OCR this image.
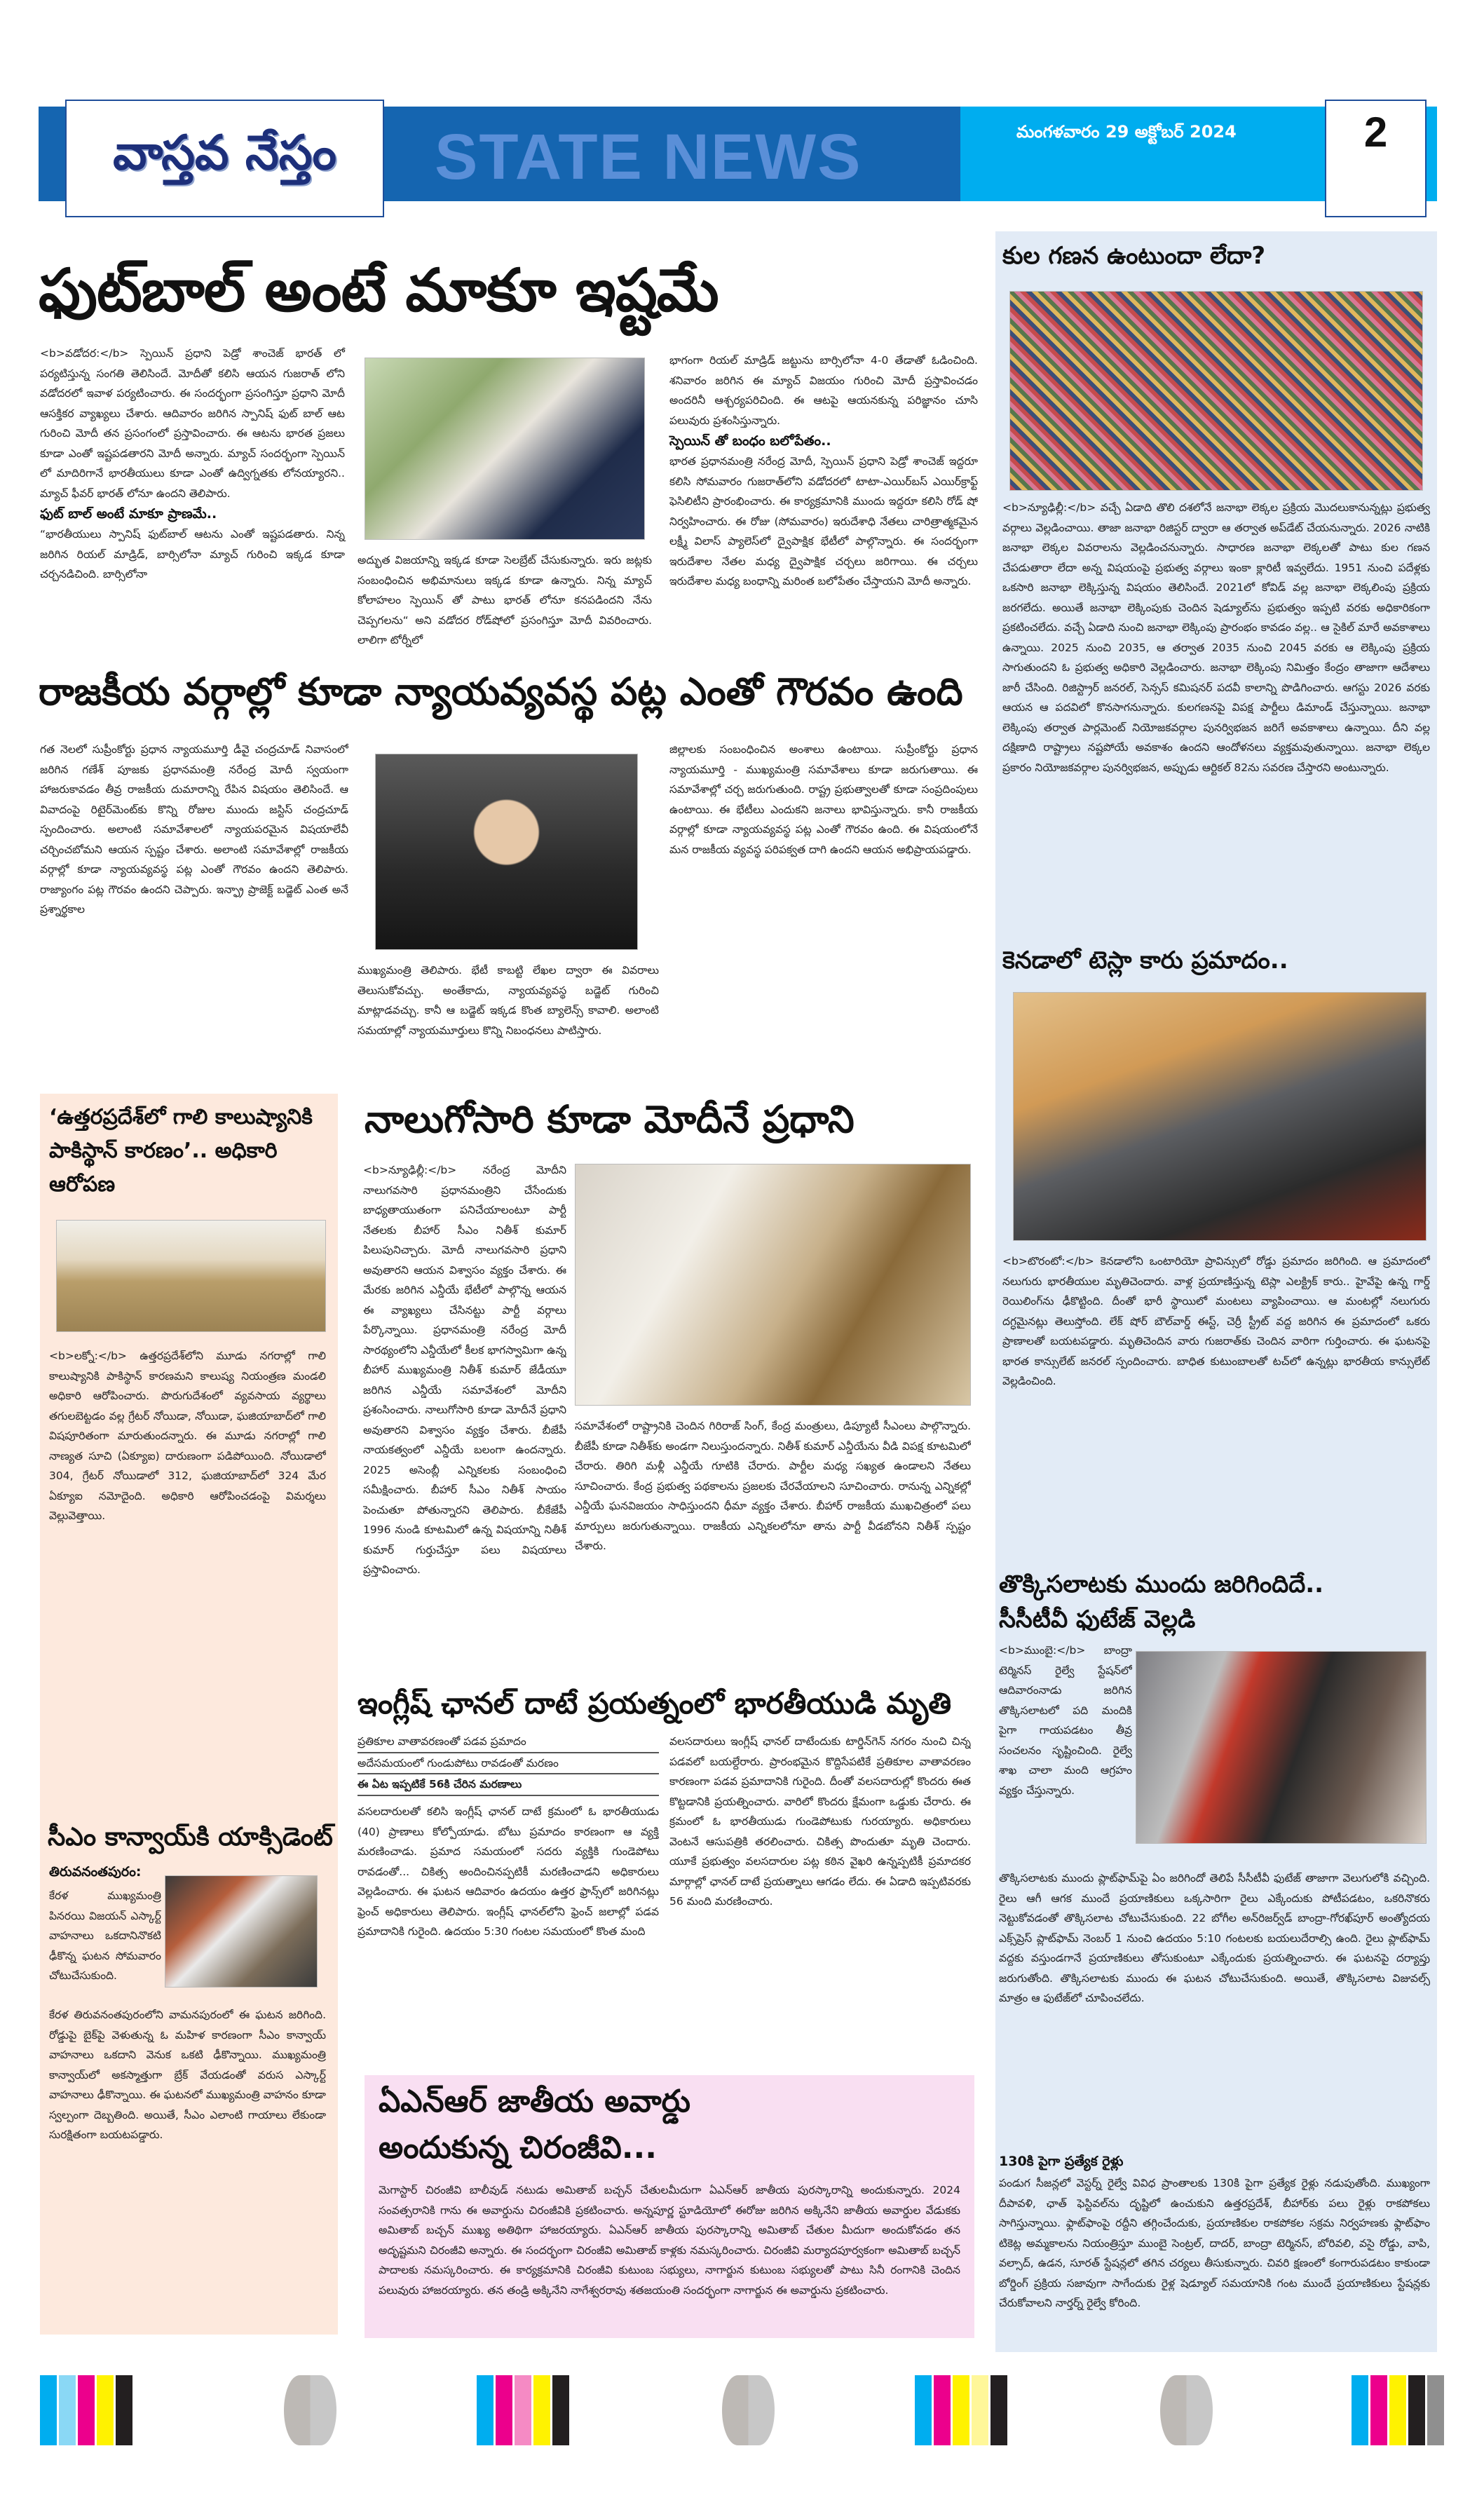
వాస్తవ నేస్తం STATE NEWS	మంగళవారం 29 అక్టోబర్ 2024	2
ఫుట్‌బాల్ అంటే మాకూ ఇష్టమే

<b>వడోదర:</b> స్పెయిన్ ప్రధాని పెడ్రో శాంచెజ్ భారత్ లో పర్యటిస్తున్న సంగతి తెలిసిందే. మోదీతో కలిసి ఆయన గుజరాత్ లోని వడోదరలో ఇవాళ పర్యటించారు. ఈ సందర్భంగా ప్రసంగిస్తూ ప్రధాని మోదీ ఆసక్తికర వ్యాఖ్యలు చేశారు. ఆదివారం జరిగిన స్పానిష్ ఫుట్ బాల్ ఆట గురించి మోదీ తన ప్రసంగంలో ప్రస్తావించారు. ఈ ఆటను భారత ప్రజలు కూడా ఎంతో ఇష్టపడతారని మోదీ అన్నారు. మ్యాచ్ సందర్భంగా స్పెయిన్ లో మాదిరిగానే భారతీయులు కూడా ఎంతో ఉద్విగ్నతకు లోనయ్యారని.. మ్యాచ్ ఫీవర్ భారత్ లోనూ ఉందని తెలిపారు.

ఫుట్ బాల్ అంటే మాకూ ప్రాణమే..

“భారతీయులు స్పానిష్ ఫుట్‌బాల్ ఆటను ఎంతో ఇష్టపడతారు. నిన్న జరిగిన రియల్ మాడ్రిడ్, బార్సిలోనా మ్యాచ్ గురించి ఇక్కడ కూడా చర్చనడిచింది. బార్సిలోనా

అద్భుత విజయాన్ని ఇక్కడ కూడా సెలబ్రేట్ చేసుకున్నారు. ఇరు జట్లకు సంబంధించిన అభిమానులు ఇక్కడ కూడా ఉన్నారు. నిన్న మ్యాచ్ కోలాహలం స్పెయిన్ తో పాటు భారత్ లోనూ కనపడిందని నేను చెప్పగలను“ అని వడోదర రోడ్‌షోలో ప్రసంగిస్తూ మోదీ వివరించారు. లాలిగా టోర్నీలో

భాగంగా రియల్ మాడ్రిడ్ జట్టును బార్సిలోనా 4-0 తేడాతో ఓడించింది. శనివారం జరిగిన ఈ మ్యాచ్ విజయం గురించి మోదీ ప్రస్తావించడం అందరినీ ఆశ్చర్యపరిచింది. ఈ ఆటపై ఆయనకున్న పరిజ్ఞానం చూసి పలువురు ప్రశంసిస్తున్నారు.

స్పెయిన్ తో బంధం బలోపేతం..

భారత ప్రధానమంత్రి నరేంద్ర మోదీ, స్పెయిన్ ప్రధాని పెడ్రో శాంచెజ్ ఇద్దరూ కలిసి సోమవారం గుజరాత్‌లోని వడోదరలో టాటా-ఎయిర్‌బస్ ఎయిర్‌క్రాఫ్ట్ ఫెసిలిటీని ప్రారంభించారు. ఈ కార్యక్రమానికి ముందు ఇద్దరూ కలిసి రోడ్ షో నిర్వహించారు. ఈ రోజు (సోమవారం) ఇరుదేశాధి నేతలు చారిత్రాత్మకమైన లక్ష్మీ విలాస్ ప్యాలెస్‌లో ద్వైపాక్షిక భేటీలో పాల్గొన్నారు. ఈ సందర్భంగా ఇరుదేశాల నేతల మధ్య ద్వైపాక్షిక చర్చలు జరిగాయి. ఈ చర్చలు ఇరుదేశాల మధ్య బంధాన్ని మరింత బలోపేతం చేస్తాయని మోదీ అన్నారు.

రాజకీయ వర్గాల్లో కూడా న్యాయవ్యవస్థ పట్ల ఎంతో గౌరవం ఉంది
గత నెలలో సుప్రీంకోర్టు ప్రధాన న్యాయమూర్తి డీవై చంద్రచూడ్ నివాసంలో జరిగిన గణేశ్ పూజకు ప్రధానమంత్రి నరేంద్ర మోదీ స్వయంగా హాజరుకావడం తీవ్ర రాజకీయ దుమారాన్ని రేపిన విషయం తెలిసిందే. ఆ వివాదంపై రిటైర్‌మెంట్‌కు కొన్ని రోజుల ముందు జస్టిస్ చంద్రచూడ్ స్పందించారు. అలాంటి సమావేశాలలో న్యాయపరమైన విషయాలేవీ చర్చించబోమని ఆయన స్పష్టం చేశారు. అలాంటి సమావేశాల్లో రాజకీయ వర్గాల్లో కూడా న్యాయవ్యవస్థ పట్ల ఎంతో గౌరవం ఉందని తెలిపారు. రాజ్యాంగం పట్ల గౌరవం ఉందని చెప్పారు. ఇన్ఫ్రా ప్రాజెక్ట్ బడ్జెట్ ఎంత అనే ప్రశ్నార్థకాల
ముఖ్యమంత్రి తెలిపారు. భేటీ కాబట్టి లేఖల ద్వారా ఈ వివరాలు తెలుసుకోవచ్చు. అంతేకాదు, న్యాయవ్యవస్థ బడ్జెట్ గురించి మాట్లాడవచ్చు. కానీ ఆ బడ్జెట్ ఇక్కడ కొంత బ్యాలెన్స్ కావాలి. అలాంటి సమయాల్లో న్యాయమూర్తులు కొన్ని నిబంధనలు పాటిస్తారు.
జిల్లాలకు సంబంధించిన అంశాలు ఉంటాయి. సుప్రీంకోర్టు ప్రధాన న్యాయమూర్తి - ముఖ్యమంత్రి సమావేశాలు కూడా జరుగుతాయి. ఈ సమావేశాల్లో చర్చ జరుగుతుంది. రాష్ట్ర ప్రభుత్వాలతో కూడా సంప్రదింపులు ఉంటాయి. ఈ భేటీలు ఎందుకని జనాలు భావిస్తున్నారు. కానీ రాజకీయ వర్గాల్లో కూడా న్యాయవ్యవస్థ పట్ల ఎంతో గౌరవం ఉంది. ఈ విషయంలోనే మన రాజకీయ వ్యవస్థ పరిపక్వత దాగి ఉందని ఆయన అభిప్రాయపడ్డారు.
‘ఉత్తరప్రదేశ్‌లో గాలి కాలుష్యానికి పాకిస్థాన్ కారణం’.. అధికారి ఆరోపణ
<b>లక్నో:</b> ఉత్తరప్రదేశ్‌లోని మూడు నగరాల్లో గాలి కాలుష్యానికి పాకిస్థాన్ కారణమని కాలుష్య నియంత్రణ మండలి అధికారి ఆరోపించారు. పొరుగుదేశంలో వ్యవసాయ వ్యర్థాలు తగులబెట్టడం వల్ల గ్రేటర్ నోయిడా, నోయిడా, ఘజియాబాద్‌లో గాలి విషపూరితంగా మారుతుందన్నారు. ఈ మూడు నగరాల్లో గాలి నాణ్యత సూచి (ఏక్యూఐ) దారుణంగా పడిపోయింది. నోయిడాలో 304, గ్రేటర్ నోయిడాలో 312, ఘజియాబాద్‌లో 324 మేర ఏక్యూఐ నమోదైంది. అధికారి ఆరోపించడంపై విమర్శలు వెల్లువెత్తాయి.
సీఎం కాన్వాయ్‌కి యాక్సిడెంట్
తిరువనంతపురం:
కేరళ ముఖ్యమంత్రి పినరయి విజయన్ ఎస్కార్ట్ వాహనాలు ఒకదానినొకటి ఢీకొన్న ఘటన సోమవారం చోటుచేసుకుంది.
కేరళ తిరువనంతపురంలోని వామనపురంలో ఈ ఘటన జరిగింది. రోడ్డుపై బైక్‌పై వెళుతున్న ఓ మహిళ కారణంగా సీఎం కాన్వాయ్ వాహనాలు ఒకదాని వెనుక ఒకటి ఢీకొన్నాయి. ముఖ్యమంత్రి కాన్వాయ్‌లో అకస్మాత్తుగా బ్రేక్ వేయడంతో వరుస ఎస్కార్ట్ వాహనాలు ఢీకొన్నాయి. ఈ ఘటనలో ముఖ్యమంత్రి వాహనం కూడా స్వల్పంగా దెబ్బతింది. అయితే, సీఎం ఎలాంటి గాయాలు లేకుండా సురక్షితంగా బయటపడ్డారు.
నాలుగోసారి కూడా మోదీనే ప్రధాని
<b>న్యూఢిల్లీ:</b> నరేంద్ర మోదీని నాలుగవసారి ప్రధానమంత్రిని చేసేందుకు బాధ్యతాయుతంగా పనిచేయాలంటూ పార్టీ నేతలకు బీహార్ సీఎం నితీశ్ కుమార్ పిలుపునిచ్చారు. మోదీ నాలుగవసారి ప్రధాని అవుతారని ఆయన విశ్వాసం వ్యక్తం చేశారు. ఈ మేరకు జరిగిన ఎన్డీయే భేటీలో పాల్గొన్న ఆయన ఈ వ్యాఖ్యలు చేసినట్టు పార్టీ వర్గాలు పేర్కొన్నాయి. ప్రధానమంత్రి నరేంద్ర మోదీ సారథ్యంలోని ఎన్డీయేలో కీలక భాగస్వామిగా ఉన్న బీహార్ ముఖ్యమంత్రి నితీశ్ కుమార్ జేడీయూ జరిగిన ఎన్డీయే సమావేశంలో మోదీని ప్రశంసించారు. నాలుగోసారి కూడా మోదీనే ప్రధాని అవుతారని విశ్వాసం వ్యక్తం చేశారు. బీజేపీ నాయకత్వంలో ఎన్డీయే బలంగా ఉందన్నారు. 2025 అసెంబ్లీ ఎన్నికలకు సంబంధించి సమీక్షించారు. బీహార్ సీఎం నితీశ్ సాయం పెంచుతూ పోతున్నారని తెలిపారు. బీకేజేపీ 1996 నుండి కూటమిలో ఉన్న విషయాన్ని నితీశ్ కుమార్ గుర్తుచేస్తూ పలు విషయాలు ప్రస్తావించారు.
సమావేశంలో రాష్ట్రానికి చెందిన గిరిరాజ్ సింగ్, కేంద్ర మంత్రులు, డిప్యూటీ సీఎంలు పాల్గొన్నారు. బీజేపీ కూడా నితీశ్‌కు అండగా నిలుస్తుందన్నారు. నితీశ్ కుమార్ ఎన్డీయేను వీడి విపక్ష కూటమిలో చేరారు. తిరిగి మళ్లీ ఎన్డీయే గూటికి చేరారు. పార్టీల మధ్య సఖ్యత ఉండాలని నేతలు సూచించారు. కేంద్ర ప్రభుత్వ పథకాలను ప్రజలకు చేరవేయాలని సూచించారు. రానున్న ఎన్నికల్లో ఎన్డీయే ఘనవిజయం సాధిస్తుందని ధీమా వ్యక్తం చేశారు. బీహార్ రాజకీయ ముఖచిత్రంలో పలు మార్పులు జరుగుతున్నాయి. రాజకీయ ఎన్నికలలోనూ తాను పార్టీ వీడబోనని నితీశ్ స్పష్టం చేశారు.
ఇంగ్లీష్ ఛానల్ దాటే ప్రయత్నంలో భారతీయుడి మృతి
ప్రతికూల వాతావరణంతో పడవ ప్రమాదం
అదేసమయంలో గుండుపోటు రావడంతో మరణం
ఈ ఏట ఇప్పటికే 56కి చేరిన మరణాలు
వసలదారులతో కలిసి ఇంగ్లీష్ ఛానల్ దాటే క్రమంలో ఓ భారతీయుడు (40) ప్రాణాలు కోల్పోయాడు. బోటు ప్రమాదం కారణంగా ఆ వ్యక్తి మరణించాడు. ప్రమాద సమయంలో సదరు వ్యక్తికి గుండెపోటు రావడంతో... చికిత్స అందించినప్పటికీ మరణించాడని అధికారులు వెల్లడించారు. ఈ ఘటన ఆదివారం ఉదయం ఉత్తర ఫ్రాన్స్‌లో జరిగినట్లు ఫ్రెంచ్ అధికారులు తెలిపారు. ఇంగ్లీష్ ఛానల్‌లోని ఫ్రెంచ్ జలాల్లో పడవ ప్రమాదానికి గురైంది. ఉదయం 5:30 గంటల సమయంలో కొంత మంది
వలసదారులు ఇంగ్లీష్ ఛానల్ దాటేందుకు టార్డిన్‌గెన్ నగరం నుంచి చిన్న పడవలో బయల్దేరారు. ప్రారంభమైన కొద్దిసేపటికే ప్రతికూల వాతావరణం కారణంగా పడవ ప్రమాదానికి గురైంది. దీంతో వలసదారుల్లో కొందరు ఈత కొట్టడానికి ప్రయత్నించారు. వారిలో కొందరు క్షేమంగా ఒడ్డుకు చేరారు. ఈ క్రమంలో ఓ భారతీయుడు గుండెపోటుకు గురయ్యారు. అధికారులు వెంటనే ఆసుపత్రికి తరలించారు. చికిత్స పొందుతూ మృతి చెందారు. యూకే ప్రభుత్వం వలసదారుల పట్ల కఠిన వైఖరి ఉన్నప్పటికీ ప్రమాదకర మార్గాల్లో ఛానల్ దాటే ప్రయత్నాలు ఆగడం లేదు. ఈ ఏడాది ఇప్పటివరకు 56 మంది మరణించారు.
ఏఎన్ఆర్ జాతీయ అవార్డు
అందుకున్న చిరంజీవి...
మెగాస్టార్ చిరంజీవి బాలీవుడ్ నటుడు అమితాబ్ బచ్చన్ చేతులమీదుగా ఏఎన్ఆర్ జాతీయ పురస్కారాన్ని అందుకున్నారు. 2024 సంవత్సరానికి గాను ఈ అవార్డును చిరంజీవికి ప్రకటించారు. అన్నపూర్ణ స్టూడియోలో ఈరోజు జరిగిన అక్కినేని జాతీయ అవార్డుల వేడుకకు అమితాబ్ బచ్చన్ ముఖ్య అతిథిగా హాజరయ్యారు. ఏఎన్ఆర్ జాతీయ పురస్కారాన్ని అమితాబ్ చేతుల మీదుగా అందుకోవడం తన అదృష్టమని చిరంజీవి అన్నారు. ఈ సందర్భంగా చిరంజీవి అమితాబ్ కాళ్లకు నమస్కరించారు. చిరంజీవి మర్యాదపూర్వకంగా అమితాబ్ బచ్చన్ పాదాలకు నమస్కరించారు. ఈ కార్యక్రమానికి చిరంజీవి కుటుంబ సభ్యులు, నాగార్జున కుటుంబ సభ్యులతో పాటు సినీ రంగానికి చెందిన పలువురు హాజరయ్యారు. తన తండ్రి అక్కినేని నాగేశ్వరరావు శతజయంతి సందర్భంగా నాగార్జున ఈ అవార్డును ప్రకటించారు.
కుల గణన ఉంటుందా లేదా?
<b>న్యూఢిల్లీ:</b> వచ్చే ఏడాది తొలి దశలోనే జనాభా లెక్కల ప్రక్రియ మొదలుకానున్నట్లు ప్రభుత్వ వర్గాలు వెల్లడించాయి. తాజా జనాభా రిజిస్టర్ ద్వారా ఆ తర్వాత అప్‌డేట్ చేయనున్నారు. 2026 నాటికి జనాభా లెక్కల వివరాలను వెల్లడించనున్నారు. సాధారణ జనాభా లెక్కలతో పాటు కుల గణన చేపడుతారా లేదా అన్న విషయంపై ప్రభుత్వ వర్గాలు ఇంకా క్లారిటీ ఇవ్వలేదు. 1951 నుంచి పదేళ్లకు ఒకసారి జనాభా లెక్కిస్తున్న విషయం తెలిసిందే. 2021లో కోవిడ్ వల్ల జనాభా లెక్కలింపు ప్రక్రియ జరగలేదు. అయితే జనాభా లెక్కింపుకు చెందిన షెడ్యూల్‌ను ప్రభుత్వం ఇప్పటి వరకు అధికారికంగా ప్రకటించలేదు. వచ్చే ఏడాది నుంచి జనాభా లెక్కింపు ప్రారంభం కావడం వల్ల.. ఆ సైకిల్ మారే అవకాశాలు ఉన్నాయి. 2025 నుంచి 2035, ఆ తర్వాత 2035 నుంచి 2045 వరకు ఆ లెక్కింపు ప్రక్రియ సాగుతుందని ఓ ప్రభుత్వ అధికారి వెల్లడించారు. జనాభా లెక్కింపు నిమిత్తం కేంద్రం తాజాగా ఆదేశాలు జారీ చేసింది. రిజిస్ట్రార్ జనరల్, సెన్సస్ కమిషనర్ పదవీ కాలాన్ని పొడిగించారు. ఆగస్టు 2026 వరకు ఆయన ఆ పదవిలో కొనసాగనున్నారు. కులగణనపై విపక్ష పార్టీలు డిమాండ్ చేస్తున్నాయి. జనాభా లెక్కింపు తర్వాత పార్లమెంట్ నియోజకవర్గాల పునర్విభజన జరిగే అవకాశాలు ఉన్నాయి. దీని వల్ల దక్షిణాది రాష్ట్రాలు నష్టపోయే అవకాశం ఉందని ఆందోళనలు వ్యక్తమవుతున్నాయి. జనాభా లెక్కల ప్రకారం నియోజకవర్గాల పునర్విభజన, అప్పుడు ఆర్టికల్ 82ను సవరణ చేస్తారని అంటున్నారు.
కెనడాలో టెస్లా కారు ప్రమాదం..
<b>టొరంటో:</b> కెనడాలోని ఒంటారియో ప్రావిన్సులో రోడ్డు ప్రమాదం జరిగింది. ఆ ప్రమాదంలో నలుగురు భారతీయుల మృతిచెందారు. వాళ్ల ప్రయాణిస్తున్న టెస్లా ఎలక్ట్రిక్ కారు.. హైవేపై ఉన్న గార్డ్ రెయిలింగ్‌ను ఢీకొట్టింది. దీంతో భారీ స్థాయిలో మంటలు వ్యాపించాయి. ఆ మంటల్లో నలుగురు దగ్ధమైనట్లు తెలుస్తోంది. లేక్ షోర్ బౌల్‌వార్డ్ ఈస్ట్, చెర్రీ స్ట్రీట్ వద్ద జరిగిన ఈ ప్రమాదంలో ఒకరు ప్రాణాలతో బయటపడ్డారు. మృతిచెందిన వారు గుజరాత్‌కు చెందిన వారిగా గుర్తించారు. ఈ ఘటనపై భారత కాన్సులేట్ జనరల్ స్పందించారు. బాధిత కుటుంబాలతో టచ్‌లో ఉన్నట్లు భారతీయ కాన్సులేట్ వెల్లడించింది.
తొక్కిసలాటకు ముందు జరిగిందిదే..
సీసీటీవీ ఫుటేజ్ వెల్లడి
<b>ముంబై:</b> బాంద్రా టెర్మినస్ రైల్వే స్టేషన్‌లో ఆదివారంనాడు జరిగిన తొక్కిసలాటలో పది మందికి పైగా గాయపడటం తీవ్ర సంచలనం సృష్టించింది. రైల్వే శాఖ చాలా మంది ఆగ్రహం వ్యక్తం చేస్తున్నారు.
తొక్కిసలాటకు ముందు ప్లాట్‌ఫామ్‌పై ఏం జరిగిందో తెలిపే సీసీటీవీ ఫుటేజ్ తాజాగా వెలుగులోకి వచ్చింది. రైలు ఆగీ ఆగక ముందే ప్రయాణికులు ఒక్కసారిగా రైలు ఎక్కేందుకు పోటీపడటం, ఒకరినొకరు నెట్టుకోవడంతో తొక్కిసలాట చోటుచేసుకుంది. 22 బోగీల అన్‌రిజర్వ్‌డ్ బాంద్రా-గోరఖ్‌పూర్ అంత్యోదయ ఎక్స్‌ప్రెస్ ప్లాట్‌ఫామ్ నెంబర్ 1 నుంచి ఉదయం 5:10 గంటలకు బయలుదేరాల్సి ఉంది. రైలు ప్లాట్‌ఫామ్ వద్దకు వస్తుండగానే ప్రయాణికులు తోసుకుంటూ ఎక్కేందుకు ప్రయత్నించారు. ఈ ఘటనపై దర్యాప్తు జరుగుతోంది. తొక్కిసలాటకు ముందు ఈ ఘటన చోటుచేసుకుంది. అయితే, తొక్కిసలాట విజువల్స్ మాత్రం ఆ ఫుటేజ్‌లో చూపించలేదు.
130కి పైగా ప్రత్యేక రైళ్లు
పండుగ సీజన్లలో వెస్టర్న్ రైల్వే వివిధ ప్రాంతాలకు 130కి పైగా ప్రత్యేక రైళ్లు నడుపుతోంది. ముఖ్యంగా దీపావళి, ఛాత్ ఫెస్టివల్‌ను దృష్టిలో ఉంచుకుని ఉత్తరప్రదేశ్, బీహార్‌కు పలు రైళ్లు రాకపోకలు సాగిస్తున్నాయి. ఫ్లాట్‌ఫాంపై రద్దీని తగ్గించేందుకు, ప్రయాణికుల రాకపోకల సక్రమ నిర్వహణకు ఫ్లాట్‌ఫాం టికెట్ల అమ్మకాలను నియంత్రిస్తూ ముంబై సెంట్రల్, దాదర్, బాంద్రా టెర్మినస్, బోరివలి, వసై రోడ్డు, వాపి, వల్సాద్, ఉడన, సూరత్ స్టేషన్లలో తగిన చర్యలు తీసుకున్నారు. చివరి క్షణంలో కంగారుపడటం కాకుండా బోర్డింగ్ ప్రక్రియ సజావుగా సాగేందుకు రైళ్ల షెడ్యూల్ సమయానికి గంట ముందే ప్రయాణికులు స్టేషన్లకు చేరుకోవాలని నార్తర్న్ రైల్వే కోరింది.
